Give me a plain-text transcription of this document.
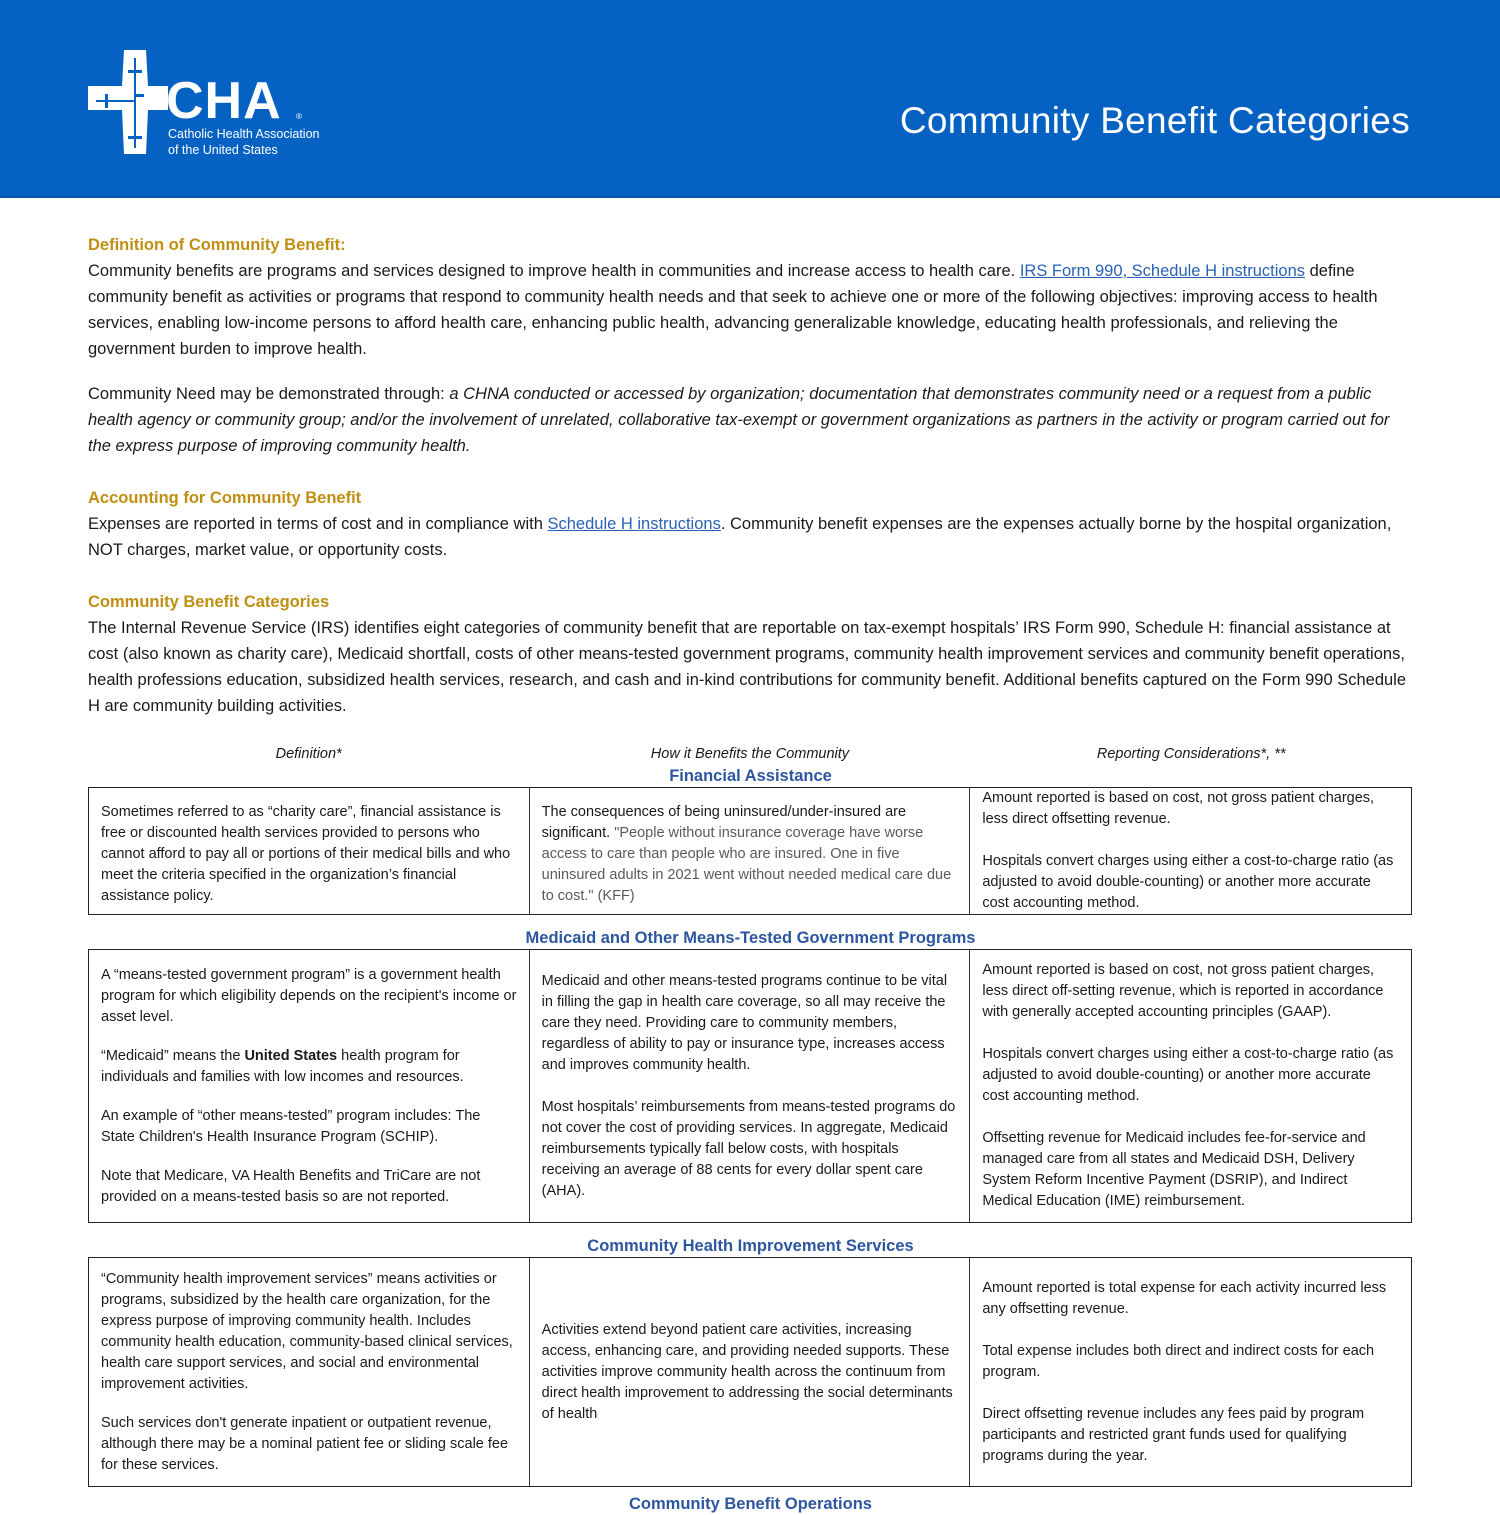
CHA ®
Catholic Health Association
of the United States
Community Benefit Categories
Definition of Community Benefit:

Community benefits are programs and services designed to improve health in communities and increase access to health care. IRS Form 990, Schedule H instructions define community benefit as activities or programs that respond to community health needs and that seek to achieve one or more of the following objectives: improving access to health services, enabling low-income persons to afford health care, enhancing public health, advancing generalizable knowledge, educating health professionals, and relieving the government burden to improve health.

Community Need may be demonstrated through: a CHNA conducted or accessed by organization; documentation that demonstrates community need or a request from a public health agency or community group; and/or the involvement of unrelated, collaborative tax-exempt or government organizations as partners in the activity or program carried out for the express purpose of improving community health.

Accounting for Community Benefit

Expenses are reported in terms of cost and in compliance with Schedule H instructions. Community benefit expenses are the expenses actually borne by the hospital organization, NOT charges, market value, or opportunity costs.

Community Benefit Categories

The Internal Revenue Service (IRS) identifies eight categories of community benefit that are reportable on tax-exempt hospitals’ IRS Form 990, Schedule H: financial assistance at cost (also known as charity care), Medicaid shortfall, costs of other means-tested government programs, community health improvement services and community benefit operations, health professions education, subsidized health services, research, and cash and in-kind contributions for community benefit. Additional benefits captured on the Form 990 Schedule H are community building activities.

Definition*	How it Benefits the Community	Reporting Considerations*, **
Financial Assistance

Sometimes referred to as “charity care”, financial assistance is free or discounted health services provided to persons who cannot afford to pay all or portions of their medical bills and who meet the criteria specified in the organization’s financial assistance policy.

The consequences of being uninsured/under-insured are significant. "People without insurance coverage have worse access to care than people who are insured. One in five uninsured adults in 2021 went without needed medical care due to cost." (KFF)

Amount reported is based on cost, not gross patient charges, less direct offsetting revenue.

Hospitals convert charges using either a cost-to-charge ratio (as adjusted to avoid double-counting) or another more accurate cost accounting method.

Medicaid and Other Means-Tested Government Programs

A “means-tested government program” is a government health program for which eligibility depends on the recipient's income or asset level.

“Medicaid” means the United States health program for individuals and families with low incomes and resources.

An example of “other means-tested” program includes: The State Children's Health Insurance Program (SCHIP).

Note that Medicare, VA Health Benefits and TriCare are not provided on a means-tested basis so are not reported.

Medicaid and other means-tested programs continue to be vital in filling the gap in health care coverage, so all may receive the care they need. Providing care to community members, regardless of ability to pay or insurance type, increases access and improves community health.

Most hospitals’ reimbursements from means-tested programs do not cover the cost of providing services. In aggregate, Medicaid reimbursements typically fall below costs, with hospitals receiving an average of 88 cents for every dollar spent care (AHA).

Amount reported is based on cost, not gross patient charges, less direct off-setting revenue, which is reported in accordance with generally accepted accounting principles (GAAP).

Hospitals convert charges using either a cost-to-charge ratio (as adjusted to avoid double-counting) or another more accurate cost accounting method.

Offsetting revenue for Medicaid includes fee-for-service and managed care from all states and Medicaid DSH, Delivery System Reform Incentive Payment (DSRIP), and Indirect Medical Education (IME) reimbursement.

Community Health Improvement Services

“Community health improvement services” means activities or programs, subsidized by the health care organization, for the express purpose of improving community health. Includes community health education, community-based clinical services, health care support services, and social and environmental improvement activities.

Such services don't generate inpatient or outpatient revenue, although there may be a nominal patient fee or sliding scale fee for these services.

Activities extend beyond patient care activities, increasing access, enhancing care, and providing needed supports. These activities improve community health across the continuum from direct health improvement to addressing the social determinants of health

Amount reported is total expense for each activity incurred less any offsetting revenue.

Total expense includes both direct and indirect costs for each program.

Direct offsetting revenue includes any fees paid by program participants and restricted grant funds used for qualifying programs during the year.

Community Benefit Operations
